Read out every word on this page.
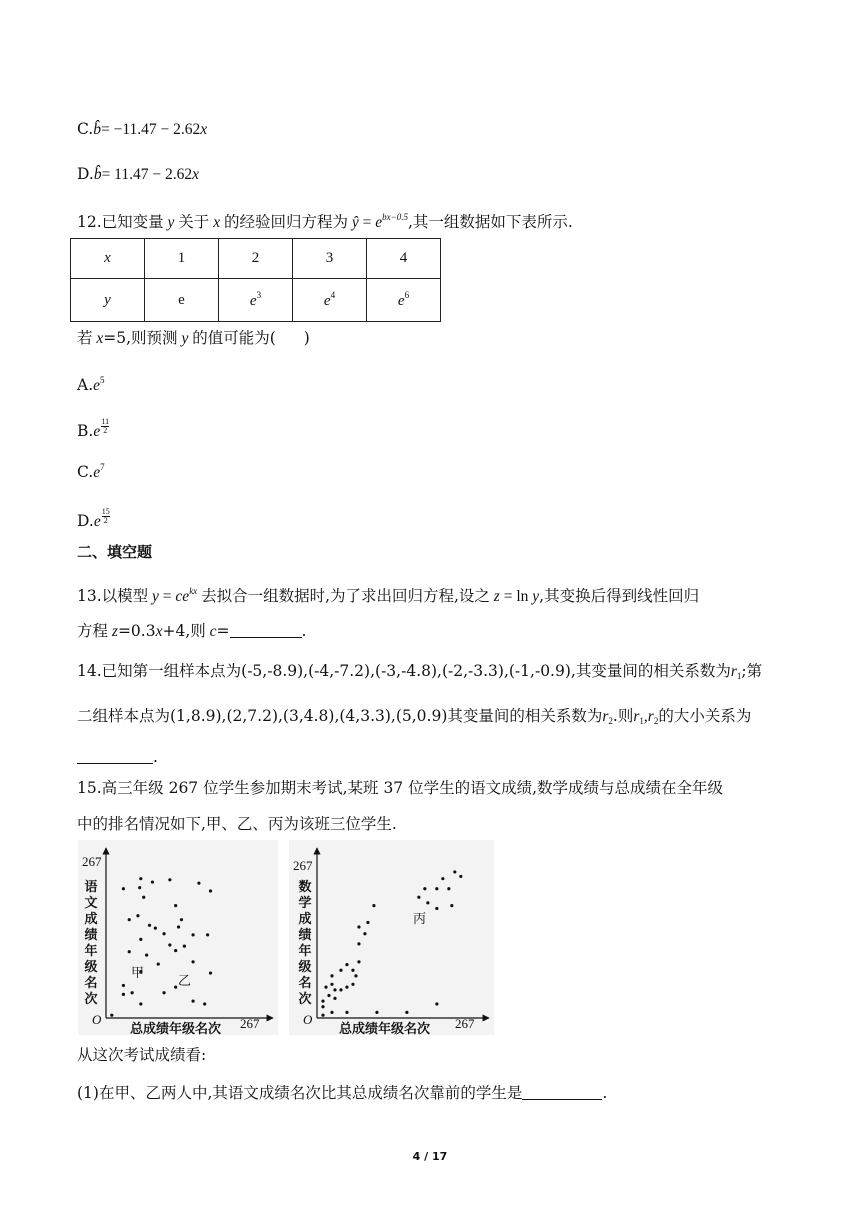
C.b̂= −11.47 − 2.62x
D.b̂= 11.47 − 2.62x
12.已知变量 y 关于 x 的经验回归方程为 ŷ = $e^{bx-0.5}$,其一组数据如下表所示.
x	1	2	3	4
y	e	$e^3$	$e^4$	$e^6$
若 x=5,则预测 y 的值可能为( )
$A.e^5$
$B.e \frac{11}{2}$
$C.e^7$
$D.e \frac{15}{2}$
二、填空题
13.以模型 $y = ce^{kx}$ 去拟合一组数据时,为了求出回归方程,设之 z = ln y,其变换后得到线性回归
方程 z=0.3x+4,则 c=	.
14.已知第一组样本点为(-5,-8.9),(-4,-7.2),(-3,-4.8),(-2,-3.3),(-1,-0.9),其变量间的相关系数为$r_1$;第
二组样本点为(1,8.9),(2,7.2),(3,4.8),(4,3.3),(5,0.9)其变量间的相关系数为$r_2$.则$r_1,r_2$的大小关系为
.
15.高三年级 267 位学生参加期末考试,某班 37 位学生的语文成绩,数学成绩与总成绩在全年级
中的排名情况如下,甲、乙、丙为该班三位学生.
267
语
文
成
绩
年
级
名
次
O
总成绩年级名次 267
甲
乙
267
数
学
成
绩
年
级
名
次
O
总成绩年级名次 267
丙
从这次考试成绩看:
(1)在甲、乙两人中,其语文成绩名次比其总成绩名次靠前的学生是	.
4 / 17
